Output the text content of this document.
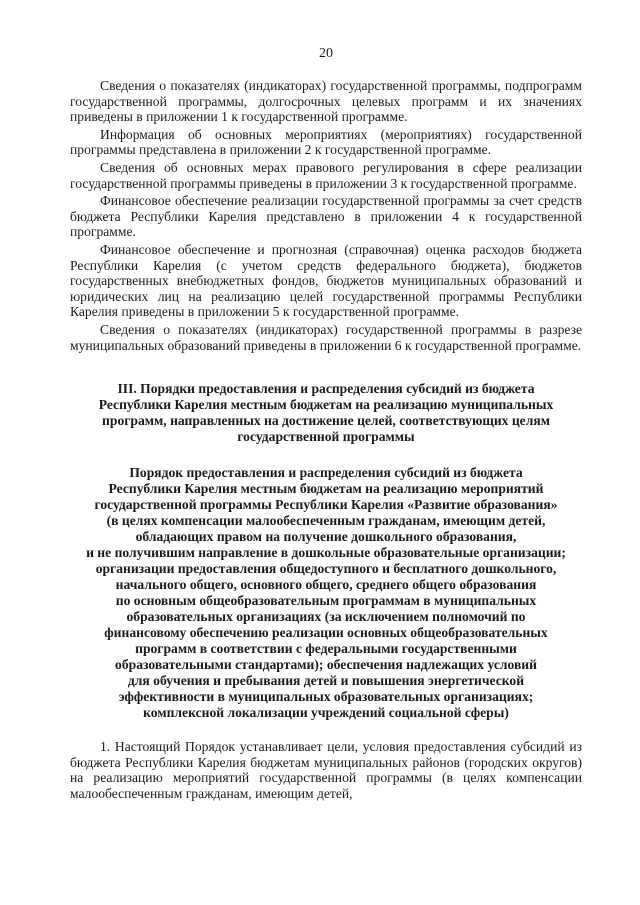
20

Сведения о показателях (индикаторах) государственной программы, подпрограмм государственной программы, долгосрочных целевых программ и их значениях приведены в приложении 1 к государственной программе.

Информация об основных мероприятиях (мероприятиях) государственной программы представлена в приложении 2 к государственной программе.

Сведения об основных мерах правового регулирования в сфере реализации государственной программы приведены в приложении 3 к государственной программе.

Финансовое обеспечение реализации государственной программы за счет средств бюджета Республики Карелия представлено в приложении 4 к государственной программе.

Финансовое обеспечение и прогнозная (справочная) оценка расходов бюджета Республики Карелия (с учетом средств федерального бюджета), бюджетов государственных внебюджетных фондов, бюджетов муниципальных образований и юридических лиц на реализацию целей государственной программы Республики Карелия приведены в приложении 5 к государственной программе.

Сведения о показателях (индикаторах) государственной программы в разрезе муниципальных образований приведены в приложении 6 к государственной программе.

III. Порядки предоставления и распределения субсидий из бюджета
Республики Карелия местным бюджетам на реализацию муниципальных
программ, направленных на достижение целей, соответствующих целям
государственной программы
Порядок предоставления и распределения субсидий из бюджета
Республики Карелия местным бюджетам на реализацию мероприятий
государственной программы Республики Карелия «Развитие образования»
(в целях компенсации малообеспеченным гражданам, имеющим детей,
обладающих правом на получение дошкольного образования,
и не получившим направление в дошкольные образовательные организации;
организации предоставления общедоступного и бесплатного дошкольного,
начального общего, основного общего, среднего общего образования
по основным общеобразовательным программам в муниципальных
образовательных организациях (за исключением полномочий по
финансовому обеспечению реализации основных общеобразовательных
программ в соответствии с федеральными государственными
образовательными стандартами); обеспечения надлежащих условий
для обучения и пребывания детей и повышения энергетической
эффективности в муниципальных образовательных организациях;
комплексной локализации учреждений социальной сферы)

1. Настоящий Порядок устанавливает цели, условия предоставления субсидий из бюджета Республики Карелия бюджетам муниципальных районов (городских округов) на реализацию мероприятий государственной программы (в целях компенсации малообеспеченным гражданам, имеющим детей,
